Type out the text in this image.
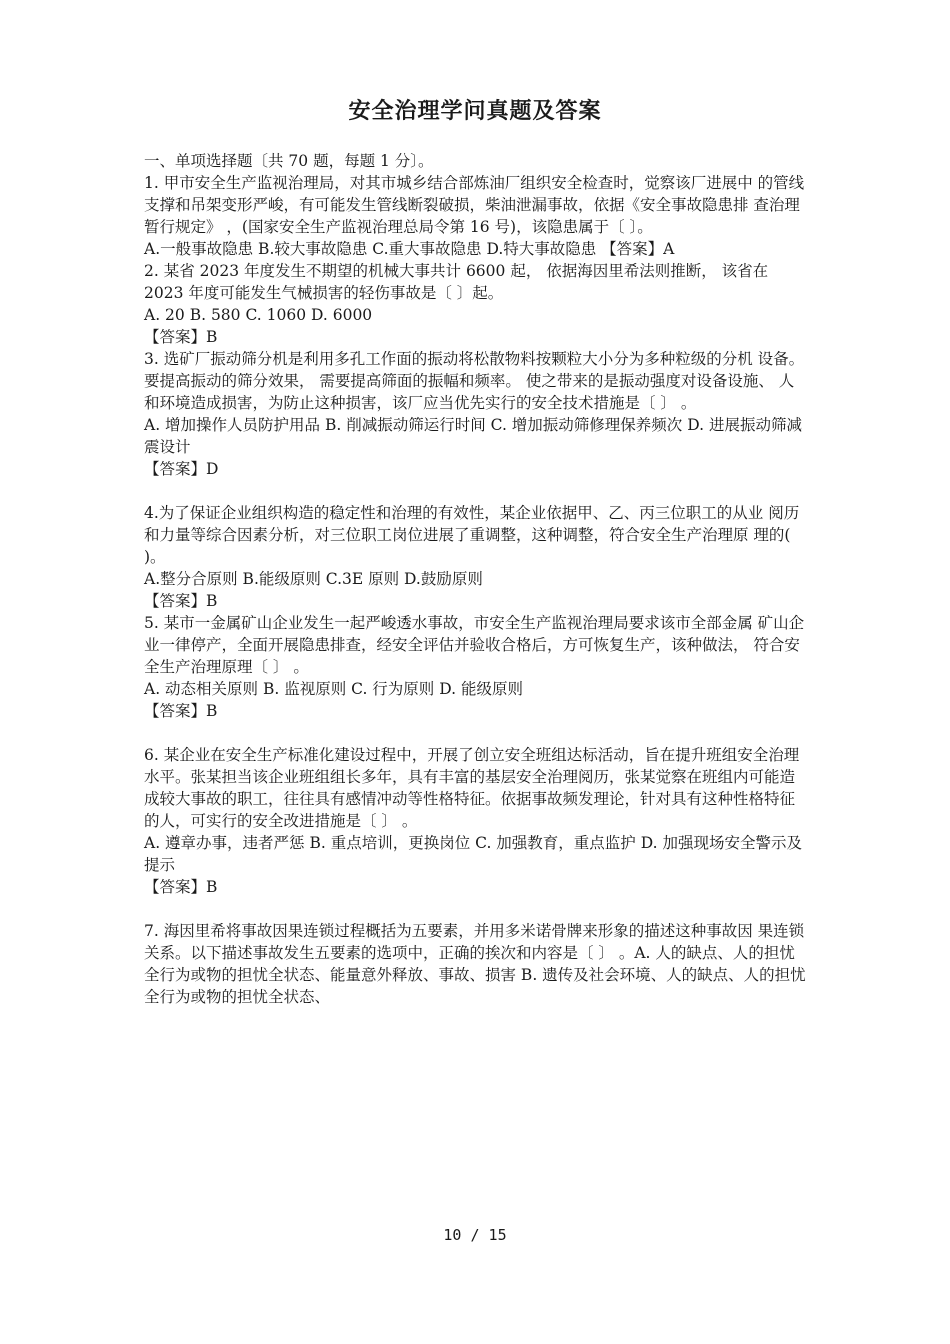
安全治理学问真题及答案

一、单项选择题〔共 70 题，每题 1 分〕。

1. 甲市安全生产监视治理局，对其市城乡结合部炼油厂组织安全检查时，觉察该厂进展中 的管线支撑和吊架变形严峻，有可能发生管线断裂破损，柴油泄漏事故，依据《安全事故隐患排 查治理暂行规定》 ，(国家安全生产监视治理总局令第 16 号)，该隐患属于〔 〕。

A.一般事故隐患 B.较大事故隐患 C.重大事故隐患 D.特大事故隐患 【答案】A

2. 某省 2023 年度发生不期望的机械大事共计 6600 起， 依据海因里希法则推断， 该省在 2023 年度可能发生气械损害的轻伤事故是〔 〕起。

A. 20 B. 580 C. 1060 D. 6000

【答案】B

3. 选矿厂振动筛分机是利用多孔工作面的振动将松散物料按颗粒大小分为多种粒级的分机 设备。 要提高振动的筛分效果， 需要提高筛面的振幅和频率。 使之带来的是振动强度对设备设施、 人和环境造成损害，为防止这种损害，该厂应当优先实行的安全技术措施是〔 〕 。

A. 增加操作人员防护用品 B. 削减振动筛运行时间 C. 增加振动筛修理保养频次 D. 进展振动筛减震设计

【答案】D

4.为了保证企业组织构造的稳定性和治理的有效性，某企业依据甲、乙、丙三位职工的从业 阅历和力量等综合因素分析，对三位职工岗位进展了重调整，这种调整，符合安全生产治理原 理的( )。

A.整分合原则 B.能级原则 C.3E 原则 D.鼓励原则

【答案】B

5. 某市一金属矿山企业发生一起严峻透水事故，市安全生产监视治理局要求该市全部金属 矿山企业一律停产，全面开展隐患排查，经安全评估并验收合格后，方可恢复生产，该种做法， 符合安全生产治理原理〔 〕 。

A. 动态相关原则 B. 监视原则 C. 行为原则 D. 能级原则

【答案】B

6. 某企业在安全生产标准化建设过程中，开展了创立安全班组达标活动，旨在提升班组安全治理水平。张某担当该企业班组组长多年，具有丰富的基层安全治理阅历，张某觉察在班组内可能造成较大事故的职工，往往具有感情冲动等性格特征。依据事故频发理论，针对具有这种性格特征的人，可实行的安全改进措施是〔 〕 。

A. 遵章办事，违者严惩 B. 重点培训，更换岗位 C. 加强教育，重点监护 D. 加强现场安全警示及提示

【答案】B

7. 海因里希将事故因果连锁过程概括为五要素，并用多米诺骨牌来形象的描述这种事故因 果连锁关系。以下描述事故发生五要素的选项中，正确的挨次和内容是〔 〕 。A. 人的缺点、人的担忧全行为或物的担忧全状态、能量意外释放、事故、损害 B. 遗传及社会环境、人的缺点、人的担忧全行为或物的担忧全状态、

10 / 15
